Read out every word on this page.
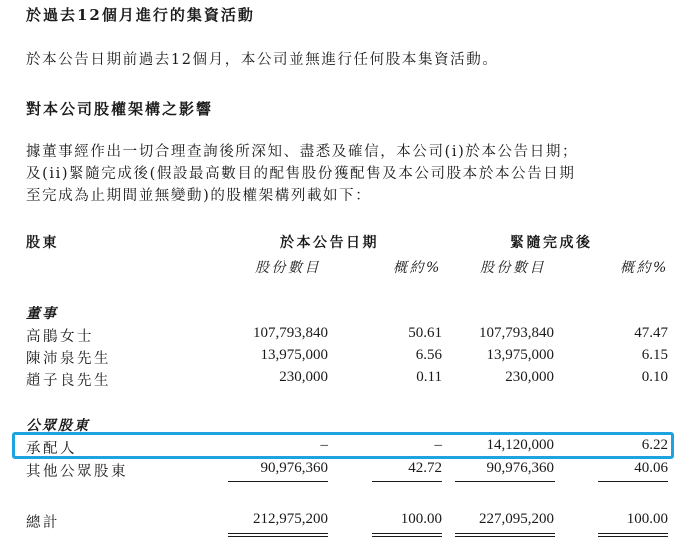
於過去12個月進行的集資活動
於本公告日期前過去12個月，本公司並無進行任何股本集資活動。
對本公司股權架構之影響
據董事經作出一切合理查詢後所深知、盡悉及確信，本公司(i)於本公告日期；
及(ii)緊隨完成後(假設最高數目的配售股份獲配售及本公司股本於本公告日期
至完成為止期間並無變動)的股權架構列載如下：
股東	於本公告日期	緊隨完成後
股份數目	概約%	股份數目	概約%
董事
高鵑女士	107,793,840	50.61	107,793,840	47.47
陳沛泉先生	13,975,000	6.56	13,975,000	6.15
趙子良先生	230,000	0.11	230,000	0.10
公眾股東
承配人	–	–	14,120,000	6.22
其他公眾股東	90,976,360	42.72	90,976,360	40.06
總計	212,975,200	100.00	227,095,200	100.00
